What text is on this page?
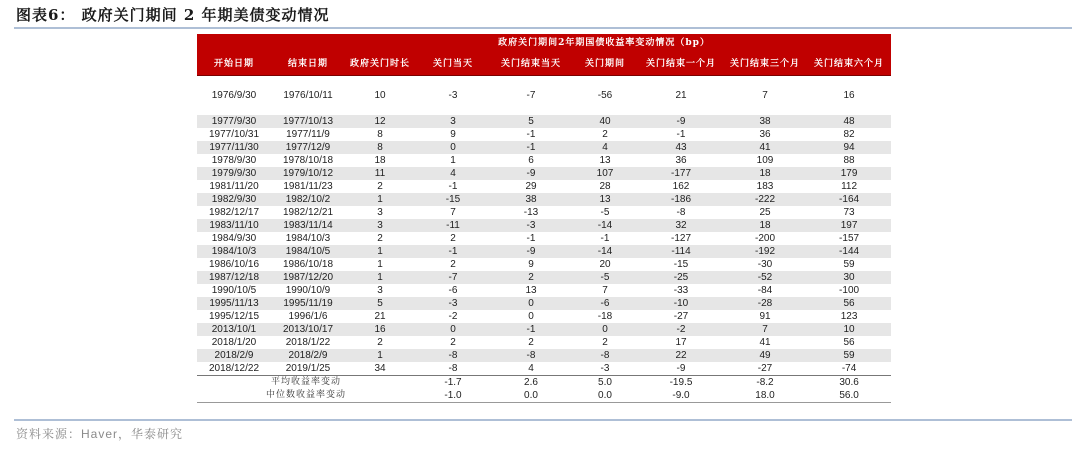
图表6： 政府关门期间 2 年期美债变动情况
政府关门期间2年期国债收益率变动情况（bp）								
开始日期	结束日期	政府关门时长	关门当天	关门结束当天	关门期间	关门结束一个月	关门结束三个月	关门结束六个月
1976/9/30	1976/10/11	10	-3	-7	-56	21	7	16
1977/9/30	1977/10/13	12	3	5	40	-9	38	48
1977/10/31	1977/11/9	8	9	-1	2	-1	36	82
1977/11/30	1977/12/9	8	0	-1	4	43	41	94
1978/9/30	1978/10/18	18	1	6	13	36	109	88
1979/9/30	1979/10/12	11	4	-9	107	-177	18	179
1981/11/20	1981/11/23	2	-1	29	28	162	183	112
1982/9/30	1982/10/2	1	-15	38	13	-186	-222	-164
1982/12/17	1982/12/21	3	7	-13	-5	-8	25	73
1983/11/10	1983/11/14	3	-11	-3	-14	32	18	197
1984/9/30	1984/10/3	2	2	-1	-1	-127	-200	-157
1984/10/3	1984/10/5	1	-1	-9	-14	-114	-192	-144
1986/10/16	1986/10/18	1	2	9	20	-15	-30	59
1987/12/18	1987/12/20	1	-7	2	-5	-25	-52	30
1990/10/5	1990/10/9	3	-6	13	7	-33	-84	-100
1995/11/13	1995/11/19	5	-3	0	-6	-10	-28	56
1995/12/15	1996/1/6	21	-2	0	-18	-27	91	123
2013/10/1	2013/10/17	16	0	-1	0	-2	7	10
2018/1/20	2018/1/22	2	2	2	2	17	41	56
2018/2/9	2018/2/9	1	-8	-8	-8	22	49	59
2018/12/22	2019/1/25	34	-8	4	-3	-9	-27	-74
平均收益率变动			-1.7	2.6	5.0	-19.5	-8.2	30.6
中位数收益率变动			-1.0	0.0	0.0	-9.0	18.0	56.0
资料来源：Haver，华泰研究
